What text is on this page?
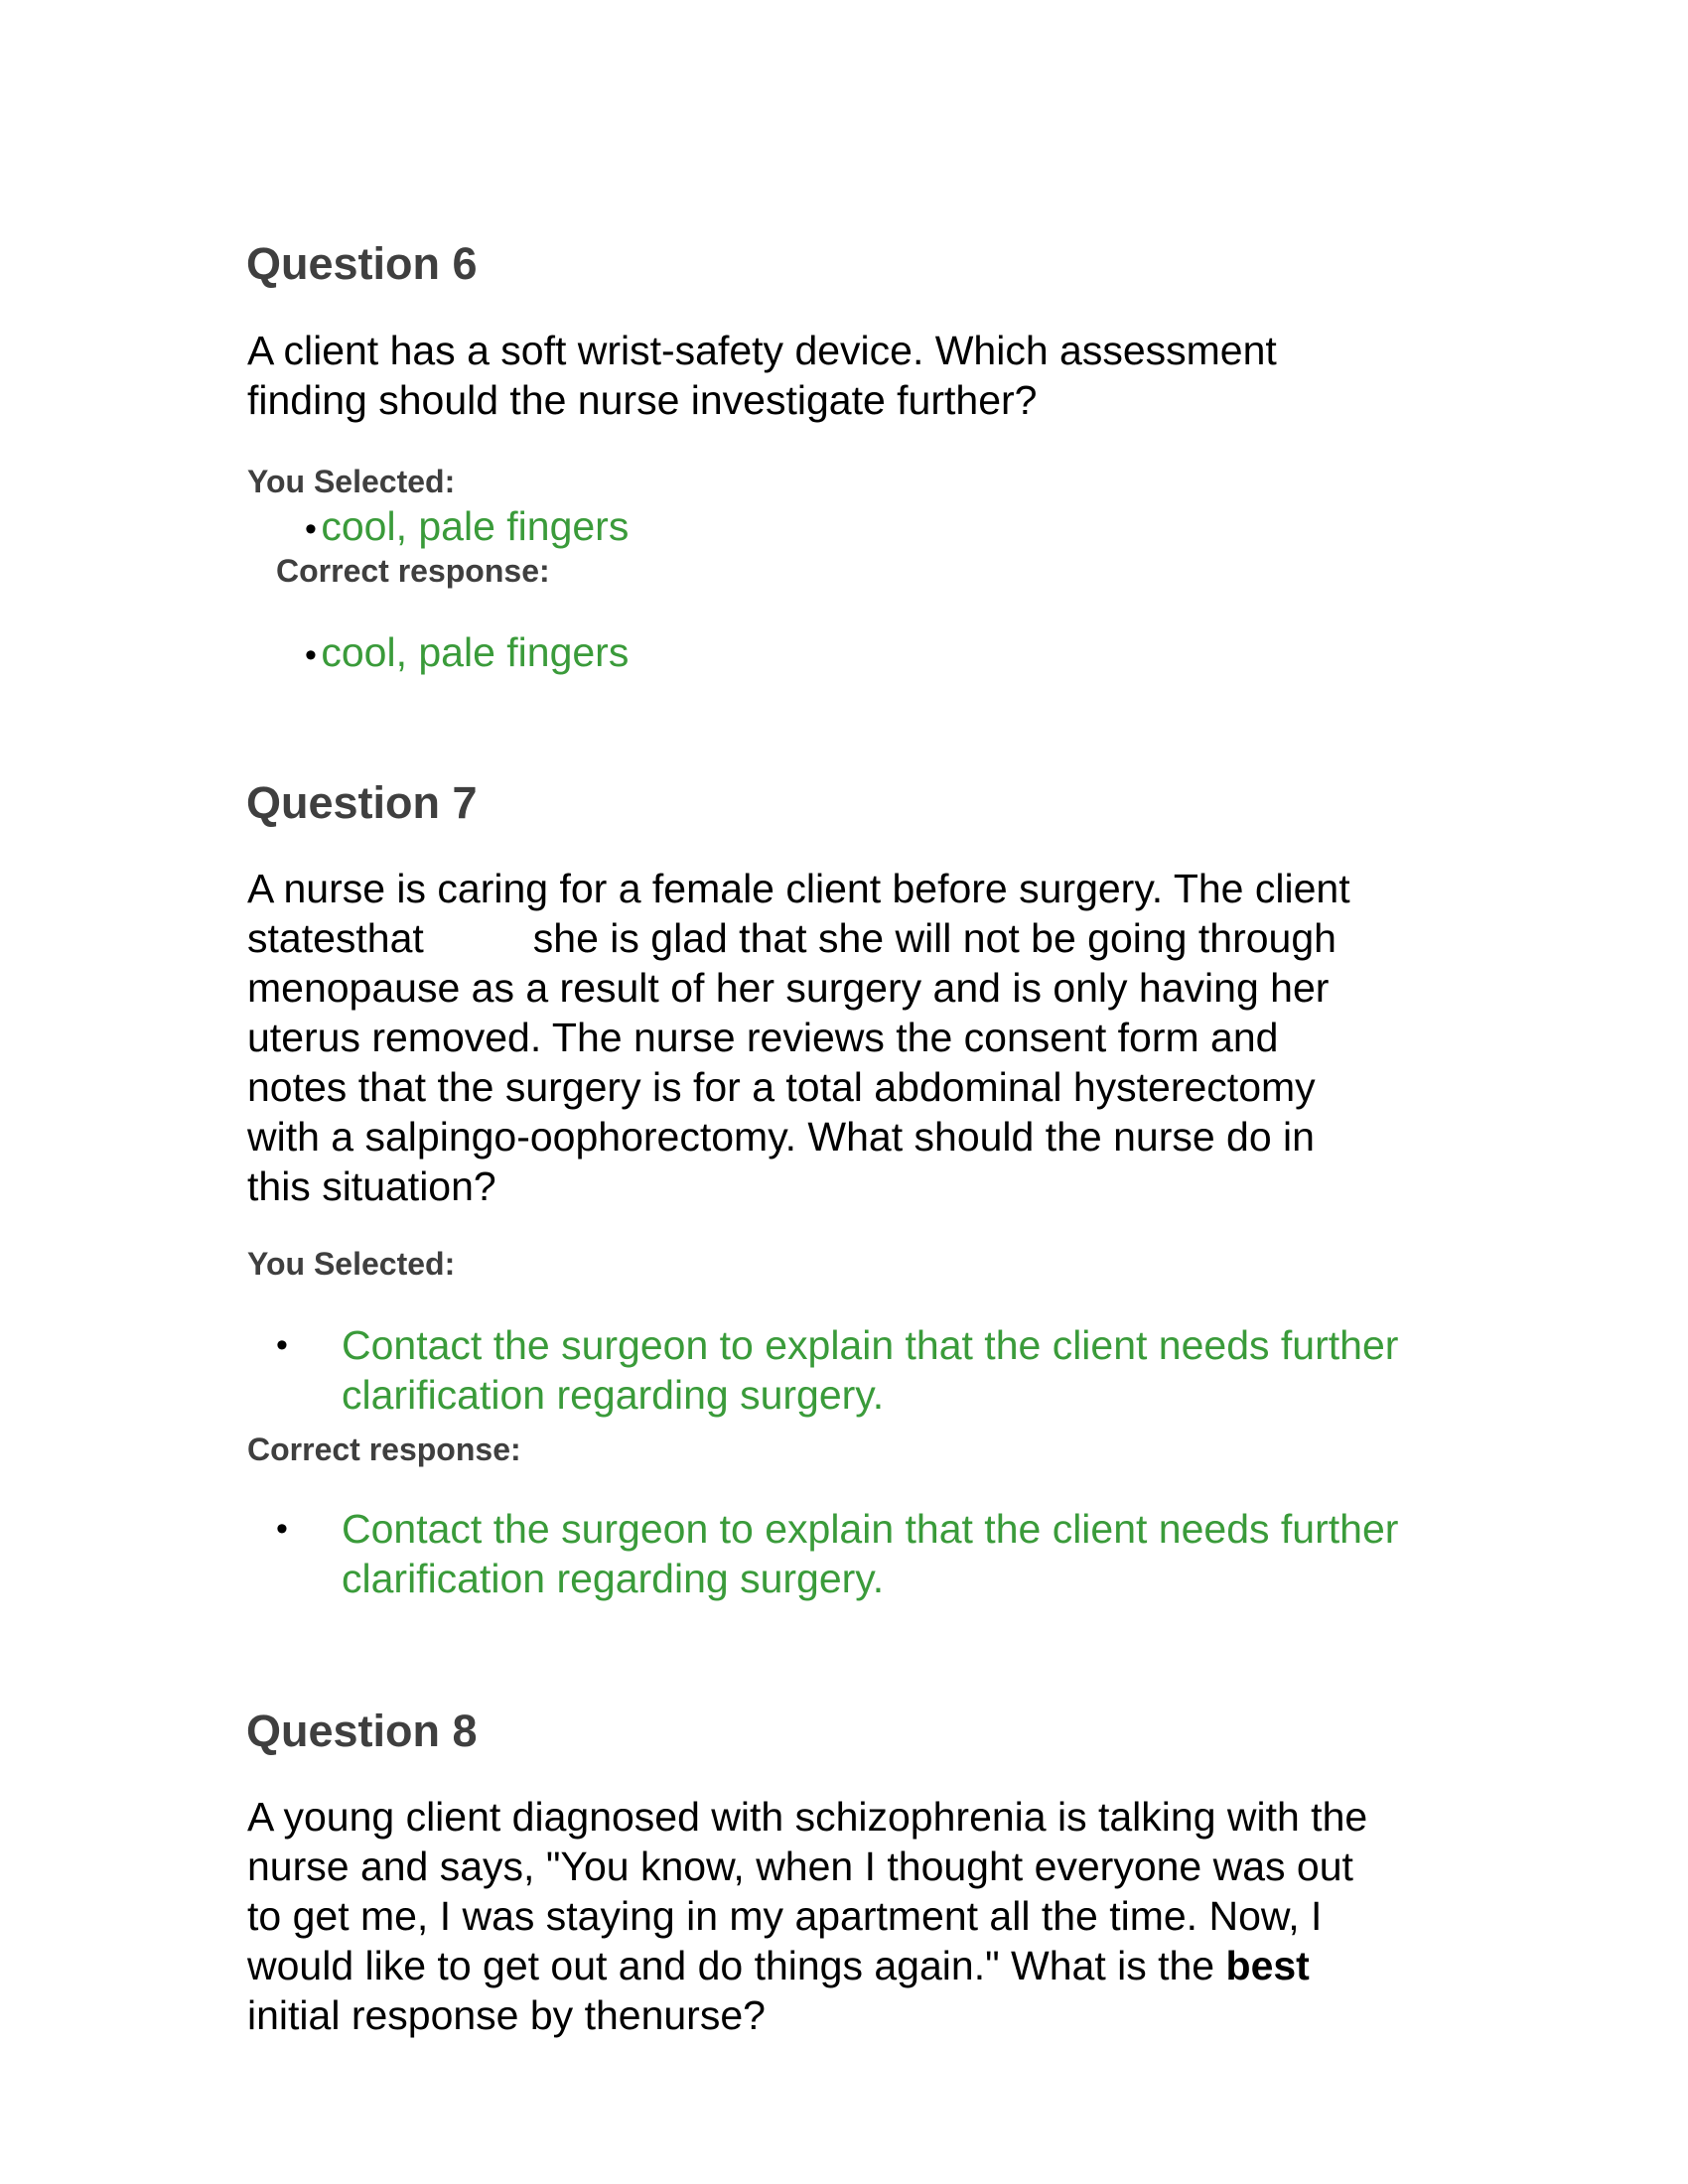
Question 6
A client has a soft wrist-safety device. Which assessment
finding should the nurse investigate further?
You Selected:
• cool, pale fingers
Correct response:
• cool, pale fingers
Question 7
A nurse is caring for a female client before surgery. The client
statesthat	she is glad that she will not be going through
menopause as a result of her surgery and is only having her
uterus removed. The nurse reviews the consent form and
notes that the surgery is for a total abdominal hysterectomy
with a salpingo-oophorectomy. What should the nurse do in
this situation?
You Selected:
• Contact the surgeon to explain that the client needs further
clarification regarding surgery.
Correct response:
• Contact the surgeon to explain that the client needs further
clarification regarding surgery.
Question 8
A young client diagnosed with schizophrenia is talking with the
nurse and says, "You know, when I thought everyone was out
to get me, I was staying in my apartment all the time. Now, I
would like to get out and do things again." What is the best
initial response by thenurse?
